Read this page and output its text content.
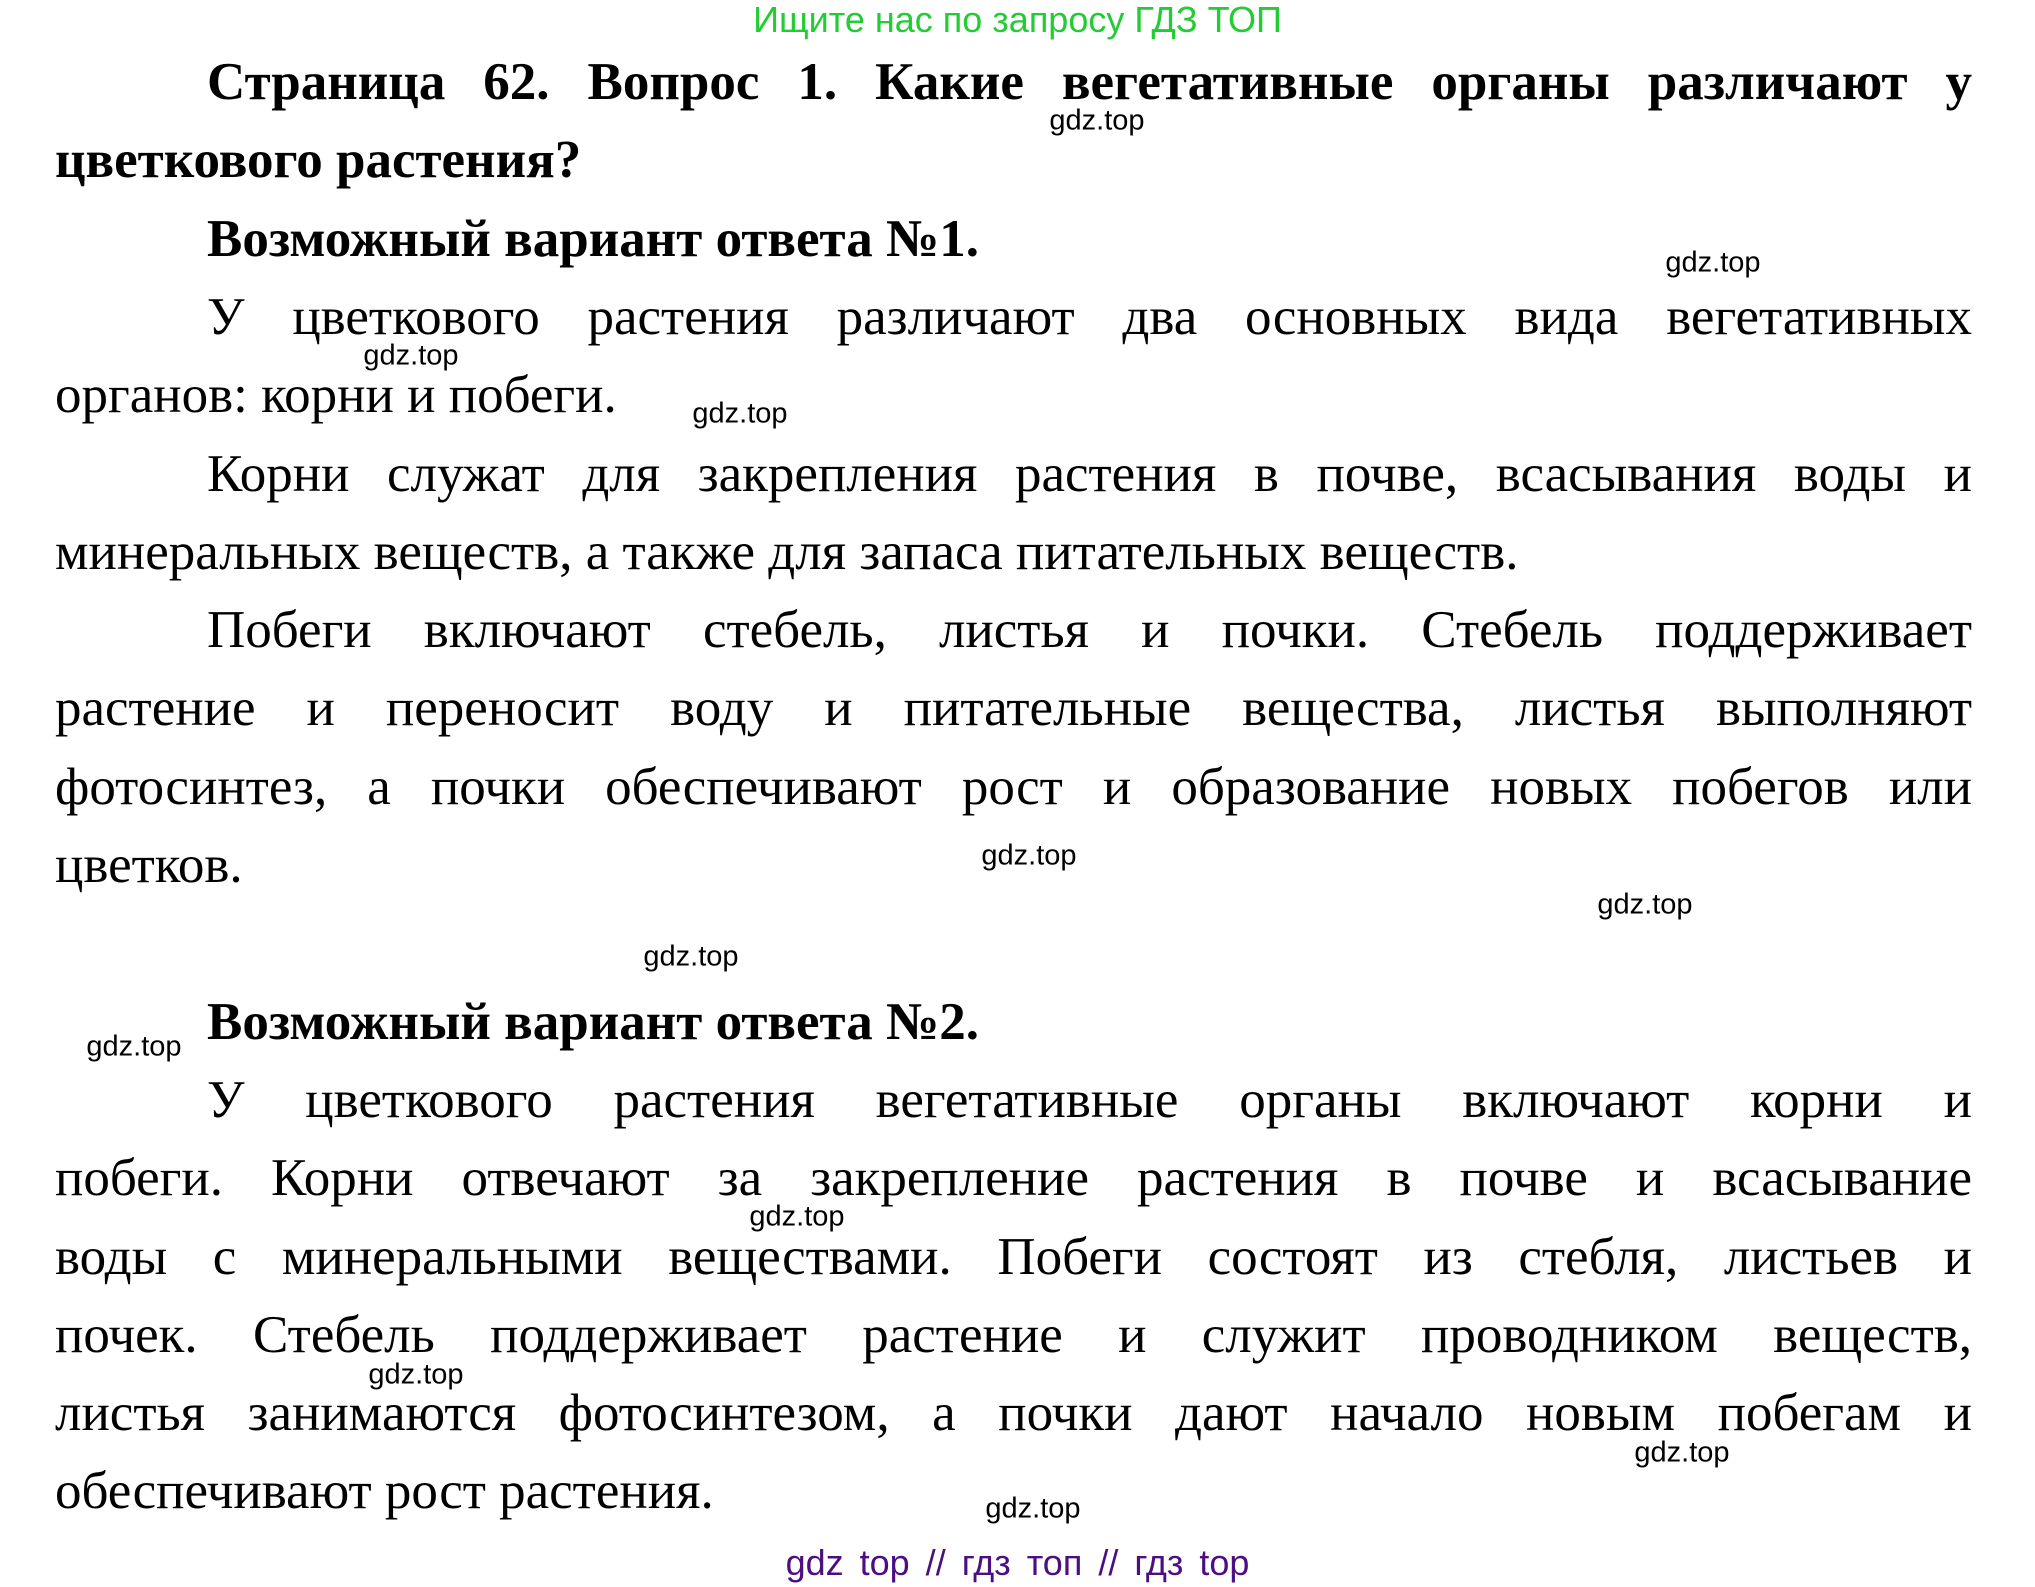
Ищите нас по запросу ГДЗ ТОП
Страница 62. Вопрос 1. Какие вегетативные органы различают у
цветкового растения?
Возможный вариант ответа №1.
У цветкового растения различают два основных вида вегетативных
органов: корни и побеги.
Корни служат для закрепления растения в почве, всасывания воды и
минеральных веществ, а также для запаса питательных веществ.
Побеги включают стебель, листья и почки. Стебель поддерживает
растение и переносит воду и питательные вещества, листья выполняют
фотосинтез, а почки обеспечивают рост и образование новых побегов или
цветков.
Возможный вариант ответа №2.
У цветкового растения вегетативные органы включают корни и
побеги. Корни отвечают за закрепление растения в почве и всасывание
воды с минеральными веществами. Побеги состоят из стебля, листьев и
почек. Стебель поддерживает растение и служит проводником веществ,
листья занимаются фотосинтезом, а почки дают начало новым побегам и
обеспечивают рост растения.
gdz.top
gdz.top
gdz.top
gdz.top
gdz.top
gdz.top
gdz.top
gdz.top
gdz.top
gdz.top
gdz.top
gdz.top
gdz top // гдз топ // гдз top
